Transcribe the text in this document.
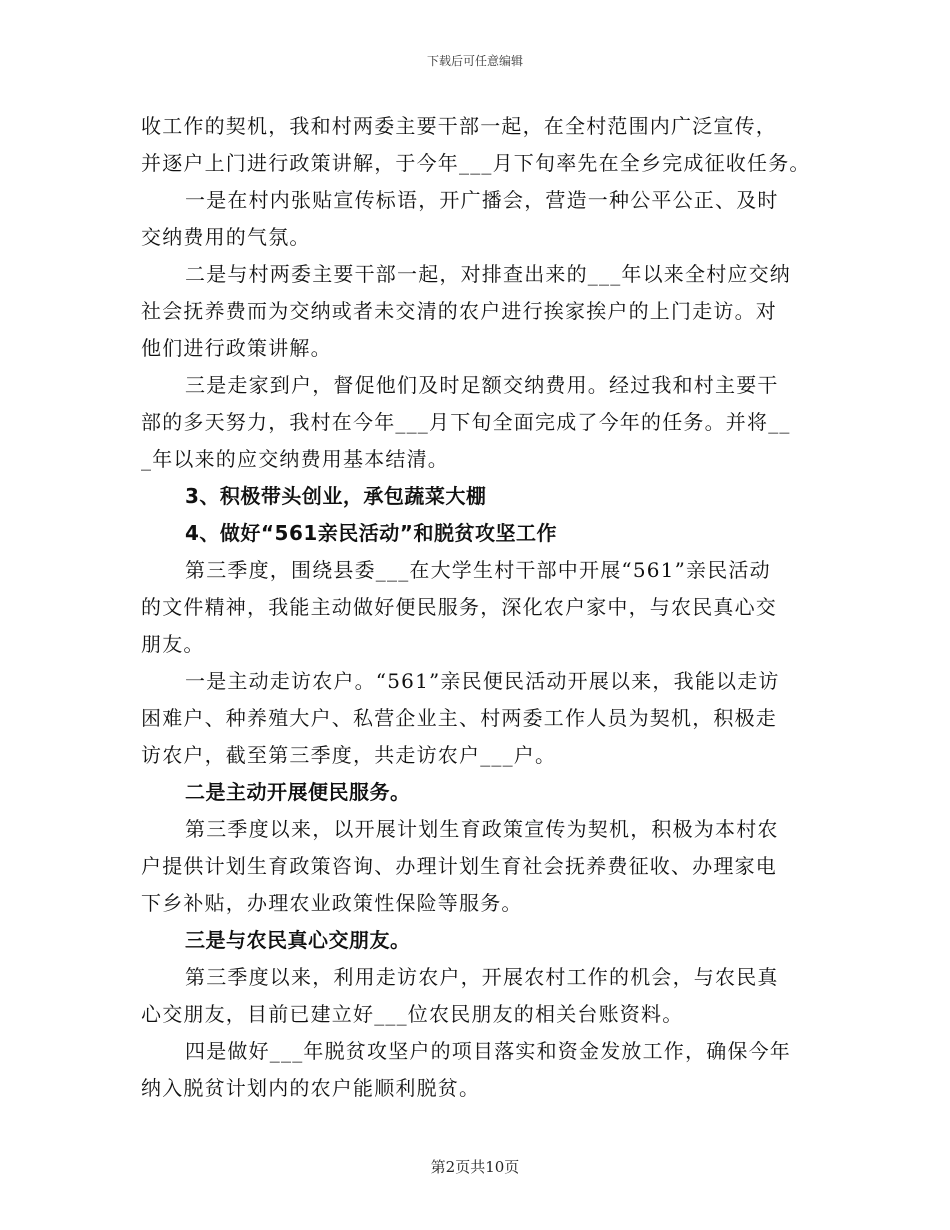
下载后可任意编辑
收工作的契机，我和村两委主要干部一起，在全村范围内广泛宣传，
并逐户上门进行政策讲解，于今年___月下旬率先在全乡完成征收任务。
一是在村内张贴宣传标语，开广播会，营造一种公平公正、及时
交纳费用的气氛。
二是与村两委主要干部一起，对排查出来的___年以来全村应交纳
社会抚养费而为交纳或者未交清的农户进行挨家挨户的上门走访。对
他们进行政策讲解。
三是走家到户，督促他们及时足额交纳费用。经过我和村主要干
部的多天努力，我村在今年___月下旬全面完成了今年的任务。并将__
_年以来的应交纳费用基本结清。
3、积极带头创业，承包蔬菜大棚
4、做好“561亲民活动”和脱贫攻坚工作
第三季度，围绕县委___在大学生村干部中开展“561”亲民活动
的文件精神，我能主动做好便民服务，深化农户家中，与农民真心交
朋友。
一是主动走访农户。“561”亲民便民活动开展以来，我能以走访
困难户、种养殖大户、私营企业主、村两委工作人员为契机，积极走
访农户，截至第三季度，共走访农户___户。
二是主动开展便民服务。
第三季度以来，以开展计划生育政策宣传为契机，积极为本村农
户提供计划生育政策咨询、办理计划生育社会抚养费征收、办理家电
下乡补贴，办理农业政策性保险等服务。
三是与农民真心交朋友。
第三季度以来，利用走访农户，开展农村工作的机会，与农民真
心交朋友，目前已建立好___位农民朋友的相关台账资料。
四是做好___年脱贫攻坚户的项目落实和资金发放工作，确保今年
纳入脱贫计划内的农户能顺利脱贫。
第2页共10页
